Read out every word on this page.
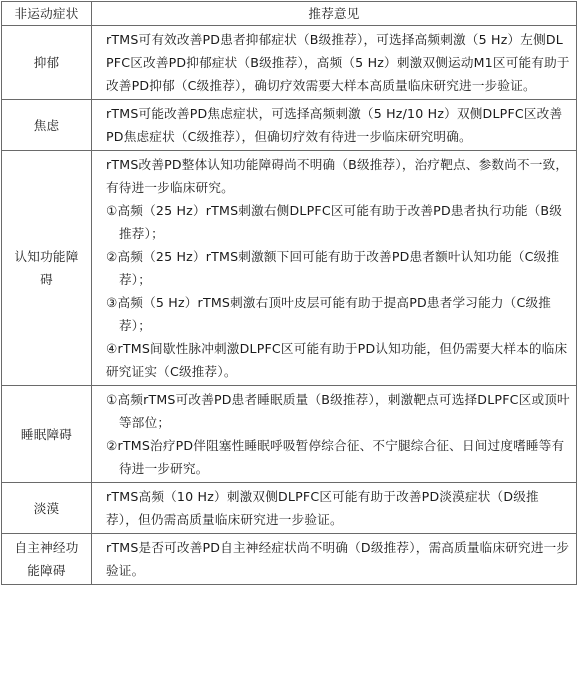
非运动症状	推荐意见
抑郁	rTMS可有效改善PD患者抑郁症状（B级推荐），可选择高频刺激（5 Hz）左侧DLPFC区改善PD抑郁症状（B级推荐），高频（5 Hz）刺激双侧运动M1区可能有助于改善PD抑郁（C级推荐），确切疗效需要大样本高质量临床研究进一步验证。

焦虑	rTMS可能改善PD焦虑症状，可选择高频刺激（5 Hz/10 Hz）双侧DLPFC区改善PD焦虑症状（C级推荐），但确切疗效有待进一步临床研究明确。

认知功能障碍	rTMS改善PD整体认知功能障碍尚不明确（B级推荐），治疗靶点、参数尚不一致，有待进一步临床研究。

①高频（25 Hz）rTMS刺激右侧DLPFC区可能有助于改善PD患者执行功能（B级推荐）；

②高频（25 Hz）rTMS刺激额下回可能有助于改善PD患者额叶认知功能（C级推荐）；

③高频（5 Hz）rTMS刺激右顶叶皮层可能有助于提高PD患者学习能力（C级推荐）；

④rTMS间歇性脉冲刺激DLPFC区可能有助于PD认知功能，但仍需要大样本的临床研究证实（C级推荐）。

睡眠障碍	①高频rTMS可改善PD患者睡眠质量（B级推荐），刺激靶点可选择DLPFC区或顶叶等部位；

②rTMS治疗PD伴阻塞性睡眠呼吸暂停综合征、不宁腿综合征、日间过度嗜睡等有待进一步研究。

淡漠	rTMS高频（10 Hz）刺激双侧DLPFC区可能有助于改善PD淡漠症状（D级推荐），但仍需高质量临床研究进一步验证。

自主神经功能障碍	rTMS是否可改善PD自主神经症状尚不明确（D级推荐），需高质量临床研究进一步验证。
